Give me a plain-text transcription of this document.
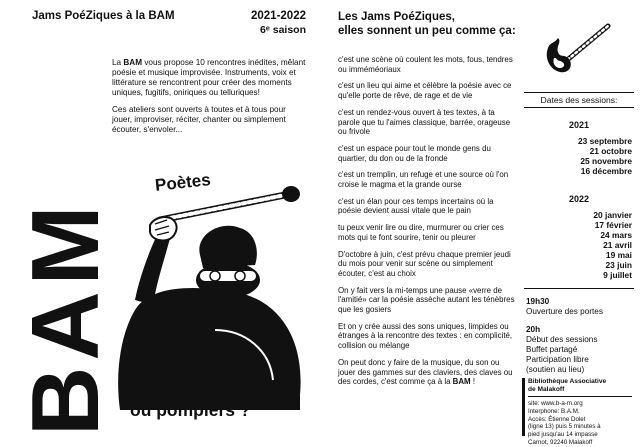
Jams PoéZiques à la BAM	2021-2022
6ᵉ saison

La BAM vous propose 10 rencontres inédites, mêlant poésie et musique improvisée. Instruments, voix et littérature se rencontrent pour créer des moments uniques, fugitifs, oniriques ou telluriques!

Ces ateliers sont ouverts à toutes et à tous pour jouer, improviser, réciter, chanter ou simplement écouter, s'envoler...

BAM
Poètes
ou pompiers ?
Les Jams PoéZiques,
elles sonnent un peu comme ça:

c'est une scène où coulent les mots, fous, tendres ou imméméoriaux

c'est un lieu qui aime et célèbre la poésie avec ce qu'elle porte de rêve, de rage et de vie

c'est un rendez-vous ouvert à tes textes, à ta parole que tu l'aimes classique, barrée, orageuse ou frivole

c'est un espace pour tout le monde gens du quartier, du don ou de la fronde

c'est un tremplin, un refuge et une source où l'on croise le magma et la grande ourse

c'est un élan pour ces temps incertains où la poésie devient aussi vitale que le pain

tu peux venir lire ou dire, murmurer ou crier ces mots qui te font sourire, tenir ou pleurer

D'octobre à juin, c'est prévu chaque premier jeudi du mois pour venir sur scène ou simplement écouter, c'est au choix

On y fait vers la mi-temps une pause «verre de l'amitié» car la poésie assèche autant les ténèbres que les gosiers

Et on y crée aussi des sons uniques, limpides ou étranges à la rencontre des textes : en complicité, collision ou mélange

On peut donc y faire de la musique, du son ou jouer des gammes sur des claviers, des claves ou des cordes, c'est comme ça à la BAM !

Dates des sessions:
2021
23 septembre
21 octobre
25 novembre
16 décembre
2022
20 janvier
17 février
24 mars
21 avril
19 mai
23 juin
9 juillet
19h30
Ouverture des portes
20h
Début des sessions
Buffet partagé
Participation libre
(soutien au lieu)
Bibliothèque Associative
de Malakoff
site: www.b-a-m.org
Interphone: B.A.M.
Accès: Étienne Dolet
(ligne 13) puis 5 minutes à
pied jusqu'au 14 impasse
Carnot, 92240 Malakoff
